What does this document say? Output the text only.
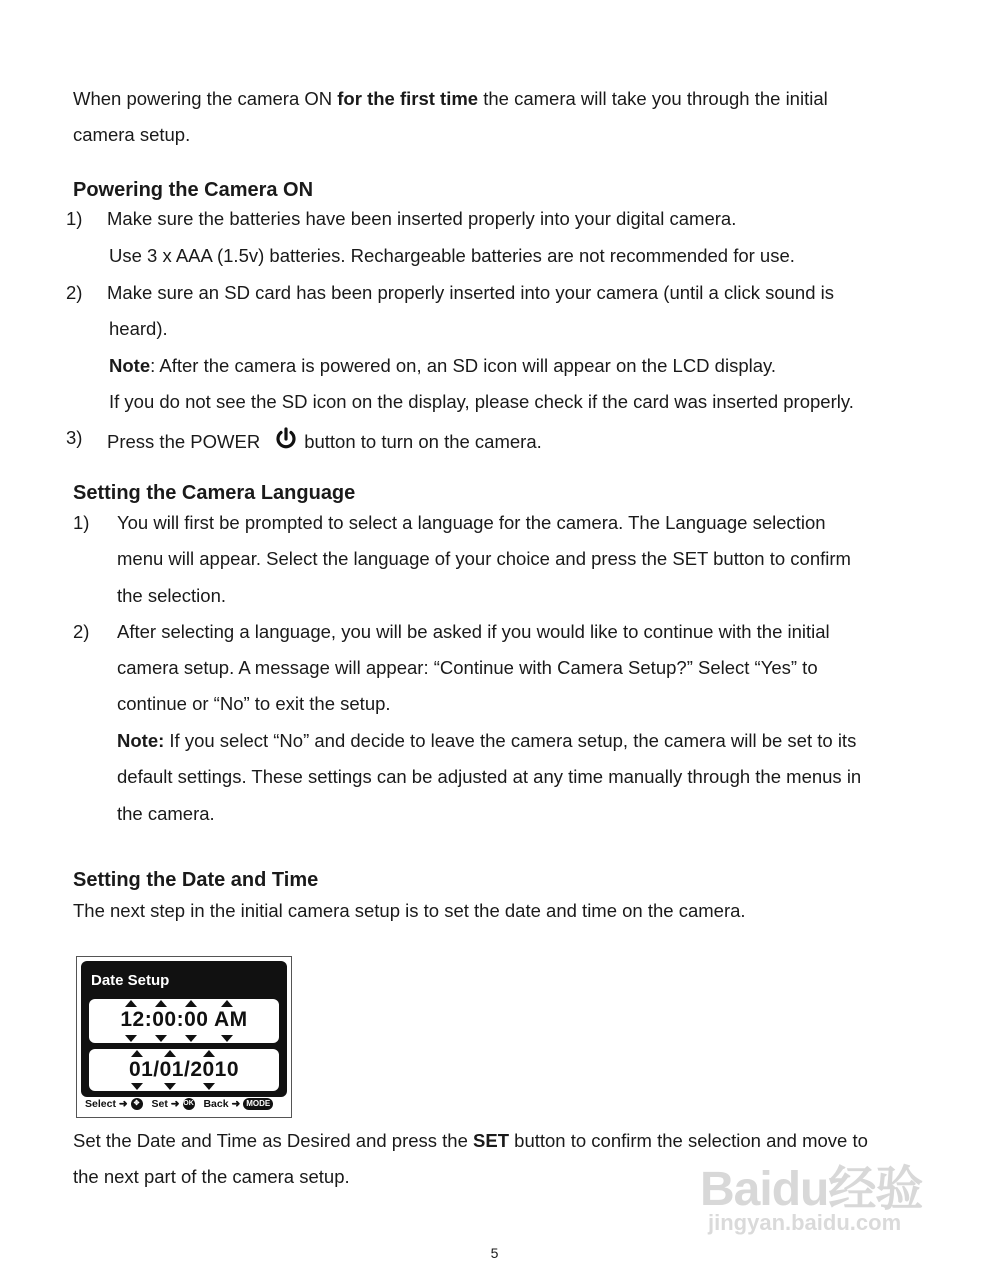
When powering the camera ON for the first time the camera will take you through the initial
camera setup.
Powering the Camera ON
1) Make sure the batteries have been inserted properly into your digital camera.
Use 3 x AAA (1.5v) batteries. Rechargeable batteries are not recommended for use.
2) Make sure an SD card has been properly inserted into your camera (until a click sound is
heard).
Note: After the camera is powered on, an SD icon will appear on the LCD display.
If you do not see the SD icon on the display, please check if the card was inserted properly.
3) Press the POWER button to turn on the camera.
Setting the Camera Language
1) You will first be prompted to select a language for the camera. The Language selection
menu will appear. Select the language of your choice and press the SET button to confirm
the selection.
2) After selecting a language, you will be asked if you would like to continue with the initial
camera setup. A message will appear: “Continue with Camera Setup?” Select “Yes” to
continue or “No” to exit the setup.
Note: If you select “No” and decide to leave the camera setup, the camera will be set to its
default settings. These settings can be adjusted at any time manually through the menus in
the camera.
Setting the Date and Time
The next step in the initial camera setup is to set the date and time on the camera.
Date Setup
12:00:00 AM
01/01/2010
Select ➜ ✥ Set ➜ OK Back ➜ MODE
Set the Date and Time as Desired and press the SET button to confirm the selection and move to
the next part of the camera setup.	Baidu经验
jingyan.baidu.com
5
